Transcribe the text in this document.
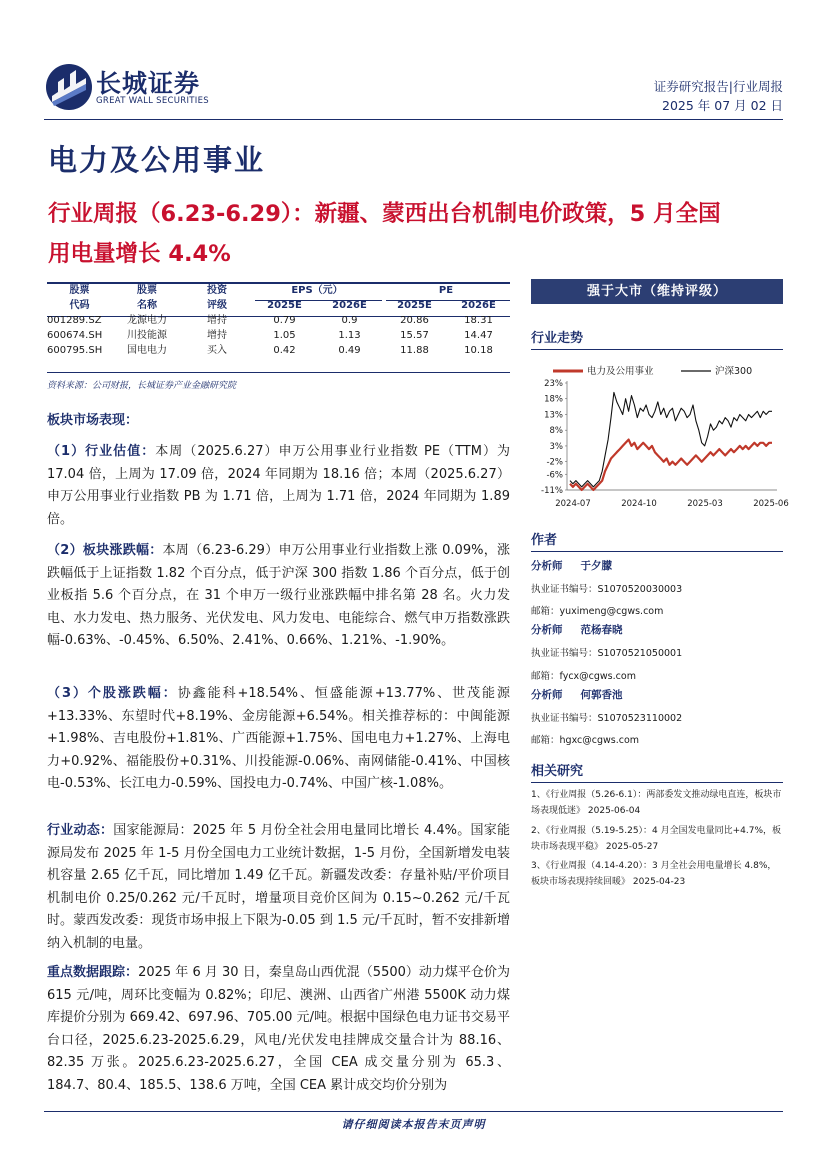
长城证券
GREAT WALL SECURITIES
证券研究报告|行业周报
2025 年 07 月 02 日
电力及公用事业
行业周报（6.23-6.29）：新疆、蒙西出台机制电价政策，5 月全国
用电量增长 4.4%
股票	股票	投资	EPS（元）		PE	
代码	名称	评级	2025E	2026E	2025E	2026E
001289.SZ	龙源电力	增持	0.79	0.9	20.86	18.31
600674.SH	川投能源	增持	1.05	1.13	15.57	14.47
600795.SH	国电电力	买入	0.42	0.49	11.88	10.18
资料来源：公司财报，长城证券产业金融研究院
板块市场表现：
（1）行业估值：本周（2025.6.27）申万公用事业行业指数 PE（TTM）为 17.04 倍，上周为 17.09 倍，2024 年同期为 18.16 倍；本周（2025.6.27）申万公用事业行业指数 PB 为 1.71 倍，上周为 1.71 倍，2024 年同期为 1.89 倍。
（2）板块涨跌幅：本周（6.23-6.29）申万公用事业行业指数上涨 0.09%，涨跌幅低于上证指数 1.82 个百分点，低于沪深 300 指数 1.86 个百分点，低于创业板指 5.6 个百分点，在 31 个申万一级行业涨跌幅中排名第 28 名。火力发电、水力发电、热力服务、光伏发电、风力发电、电能综合、燃气申万指数涨跌幅-0.63%、-0.45%、6.50%、2.41%、0.66%、1.21%、-1.90%。
（3）个股涨跌幅：协鑫能科+18.54%、恒盛能源+13.77%、世茂能源+13.33%、东望时代+8.19%、金房能源+6.54%。相关推荐标的：中闽能源+1.98%、吉电股份+1.81%、广西能源+1.75%、国电电力+1.27%、上海电力+0.92%、福能股份+0.31%、川投能源-0.06%、南网储能-0.41%、中国核电-0.53%、长江电力-0.59%、国投电力-0.74%、中国广核-1.08%。
行业动态：国家能源局：2025 年 5 月份全社会用电量同比增长 4.4%。国家能源局发布 2025 年 1-5 月份全国电力工业统计数据，1-5 月份，全国新增发电装机容量 2.65 亿千瓦，同比增加 1.49 亿千瓦。新疆发改委：存量补贴/平价项目机制电价 0.25/0.262 元/千瓦时，增量项目竞价区间为 0.15~0.262 元/千瓦时。蒙西发改委：现货市场申报上下限为-0.05 到 1.5 元/千瓦时，暂不安排新增纳入机制的电量。
重点数据跟踪：2025 年 6 月 30 日，秦皇岛山西优混（5500）动力煤平仓价为 615 元/吨，周环比变幅为 0.82%；印尼、澳洲、山西省广州港 5500K 动力煤库提价分别为 669.42、697.96、705.00 元/吨。根据中国绿色电力证书交易平台口径，2025.6.23-2025.6.29，风电/光伏发电挂牌成交量合计为 88.16、82.35 万张。2025.6.23-2025.6.27，全国 CEA 成交量分别为 65.3、184.7、80.4、185.5、138.6 万吨，全国 CEA 累计成交均价分别为
强于大市（维持评级）
行业走势
电力及公用事业	沪深300
23%
18%
13%
8%
3%
-2%
-6%
-11%
2024-07	2024-10	2025-03	2025-06
作者
分析师 于夕朦
执业证书编号：S1070520030003
邮箱：yuximeng@cgws.com
分析师 范杨春晓
执业证书编号：S1070521050001
邮箱：fycx@cgws.com
分析师 何郭香池
执业证书编号：S1070523110002
邮箱：hgxc@cgws.com
相关研究
1、《行业周报（5.26-6.1）：两部委发文推动绿电直连，板块市场表现低迷》 2025-06-04
2、《行业周报（5.19-5.25）：4 月全国发电量同比+4.7%，板块市场表现平稳》 2025-05-27
3、《行业周报（4.14-4.20）：3 月全社会用电量增长 4.8%，板块市场表现持续回暖》 2025-04-23
请仔细阅读本报告末页声明
